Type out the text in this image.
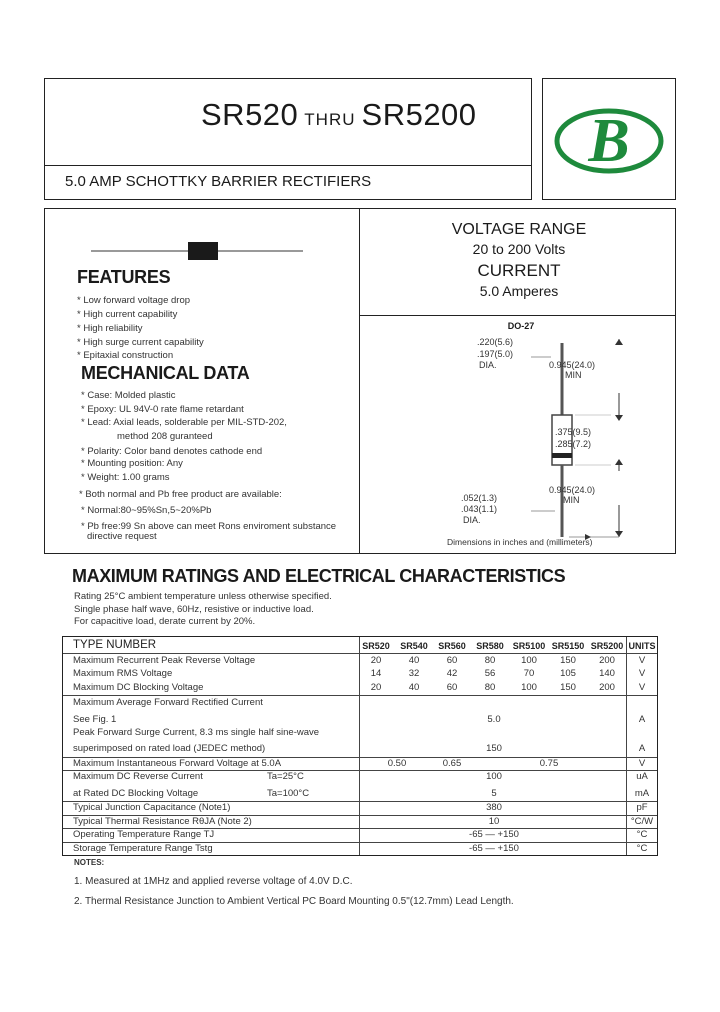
SR520 THRU SR5200
5.0 AMP SCHOTTKY BARRIER RECTIFIERS
B
FEATURES
* Low forward voltage drop
* High current capability
* High reliability
* High surge current capability
* Epitaxial construction
MECHANICAL DATA
* Case: Molded plastic
* Epoxy: UL 94V-0 rate flame retardant
* Lead: Axial leads, solderable per MIL-STD-202,
method 208 guranteed
* Polarity: Color band denotes cathode end
* Mounting position: Any
* Weight: 1.00 grams
* Both normal and Pb free product are available:
* Normal:80~95%Sn,5~20%Pb
* Pb free:99 Sn above can meet Rons enviroment substance
directive request
VOLTAGE RANGE
20 to 200 Volts
CURRENT
5.0 Amperes
DO-27
.220(5.6)
.197(5.0)
DIA.	0.945(24.0)
MIN
.375(9.5)
.285(7.2)
0.945(24.0)
MIN
.052(1.3)
.043(1.1)
DIA.
Dimensions in inches and (millimeters)
MAXIMUM RATINGS AND ELECTRICAL CHARACTERISTICS
Rating 25°C ambient temperature unless otherwise specified.
Single phase half wave, 60Hz, resistive or inductive load.
For capacitive load, derate current by 20%.
TYPE NUMBER	SR520 SR540 SR560 SR580 SR5100 SR5150 SR5200 UNITS
Maximum Recurrent Peak Reverse Voltage	20	40	60	80	100 150 200	V
Maximum RMS Voltage	14	32	42	56	70	105 140	V
Maximum DC Blocking Voltage	20	40	60	80	100 150 200	V
Maximum Average Forward Rectified Current
See Fig. 1	5.0	A
Peak Forward Surge Current, 8.3 ms single half sine-wave
superimposed on rated load (JEDEC method)	150	A
Maximum Instantaneous Forward Voltage at 5.0A	0.50	0.65	0.75	V
Maximum DC Reverse Current	Ta=25°C	100	uA
at Rated DC Blocking Voltage	Ta=100°C	5	mA
Typical Junction Capacitance (Note1)	380	pF
Typical Thermal Resistance RθJA (Note 2)	10	°C/W
Operating Temperature Range TJ	-65 — +150	°C
Storage Temperature Range Tstg	-65 — +150	°C
NOTES:
1. Measured at 1MHz and applied reverse voltage of 4.0V D.C.
2. Thermal Resistance Junction to Ambient Vertical PC Board Mounting 0.5"(12.7mm) Lead Length.
